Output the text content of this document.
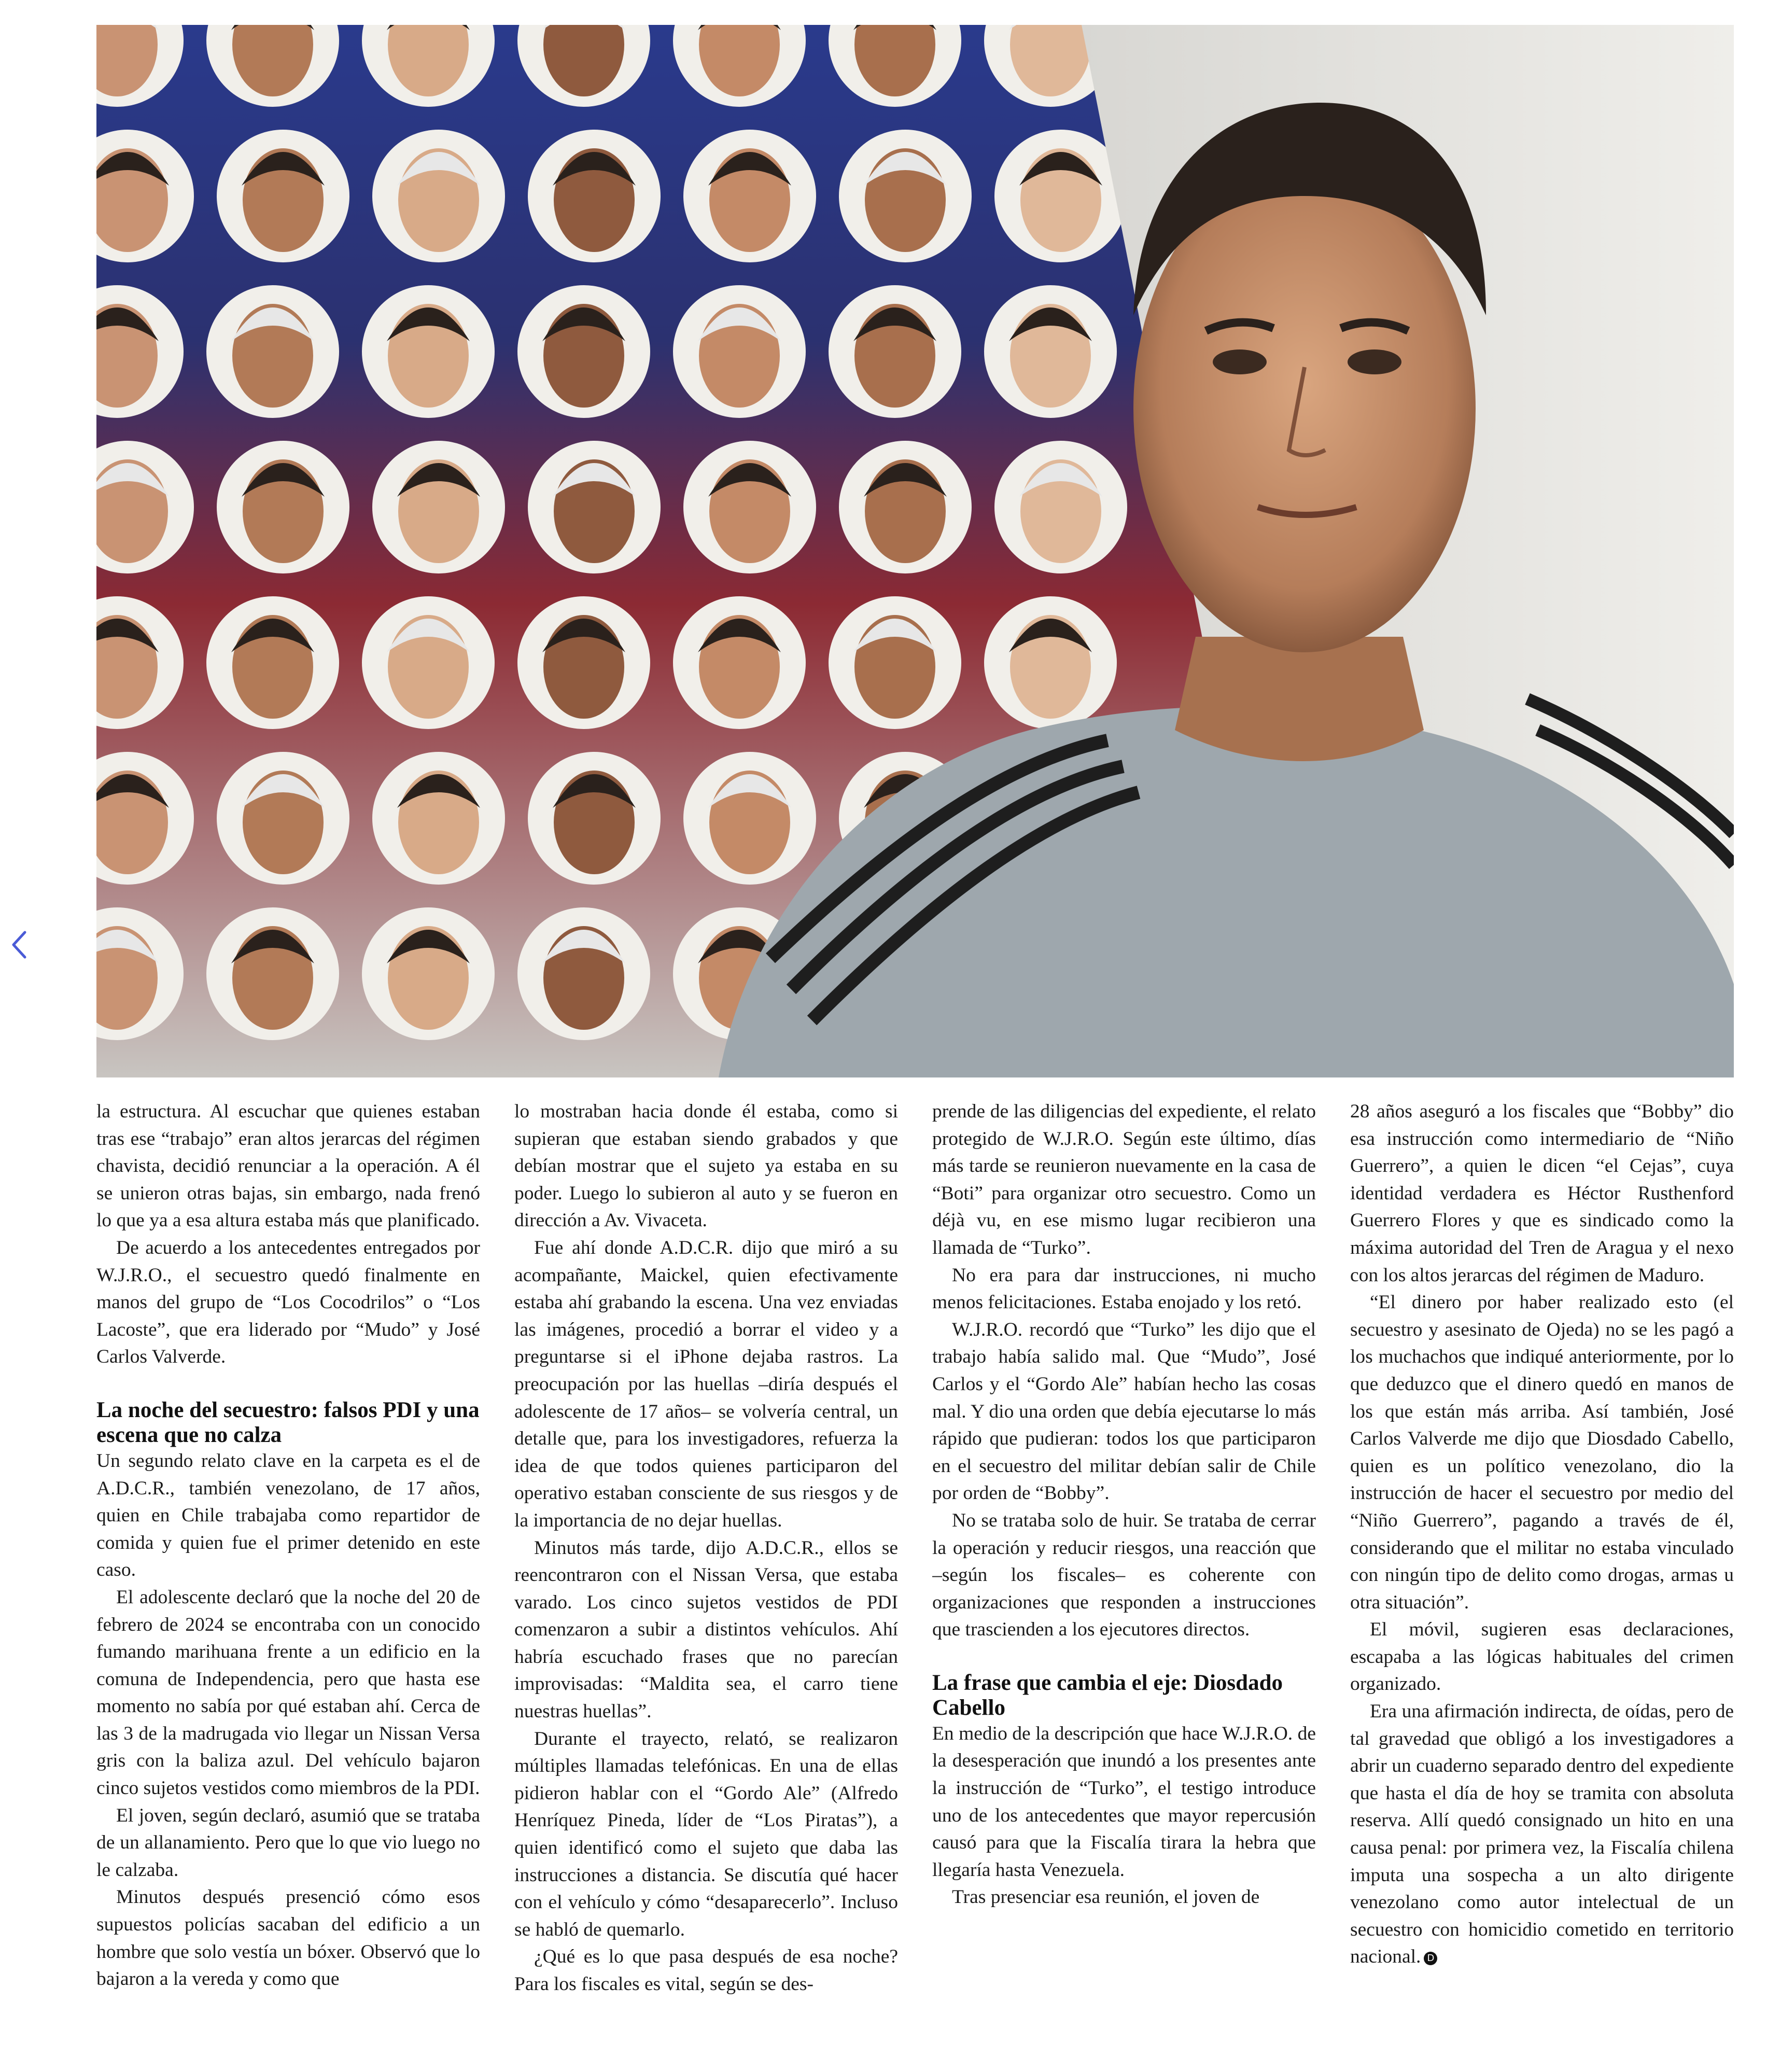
la estructura. Al escuchar que quienes estaban tras ese “trabajo” eran altos jerarcas del régimen chavista, decidió renunciar a la operación. A él se unieron otras bajas, sin embargo, nada frenó lo que ya a esa altura estaba más que planificado.

De acuerdo a los antecedentes entregados por W.J.R.O., el secuestro quedó finalmente en manos del grupo de “Los Cocodrilos” o “Los Lacoste”, que era liderado por “Mudo” y José Carlos Valverde.

La noche del secuestro: falsos PDI y una escena que no calza

Un segundo relato clave en la carpeta es el de A.D.C.R., también venezolano, de 17 años, quien en Chile trabajaba como repartidor de comida y quien fue el primer detenido en este caso.

El adolescente declaró que la noche del 20 de febrero de 2024 se encontraba con un conocido fumando marihuana frente a un edificio en la comuna de Independencia, pero que hasta ese momento no sabía por qué estaban ahí. Cerca de las 3 de la madrugada vio llegar un Nissan Versa gris con la baliza azul. Del vehículo bajaron cinco sujetos vestidos como miembros de la PDI.

El joven, según declaró, asumió que se trataba de un allanamiento. Pero que lo que vio luego no le calzaba.

Minutos después presenció cómo esos supuestos policías sacaban del edificio a un hombre que solo vestía un bóxer. Observó que lo bajaron a la vereda y como que

lo mostraban hacia donde él estaba, como si supieran que estaban siendo grabados y que debían mostrar que el sujeto ya estaba en su poder. Luego lo subieron al auto y se fueron en dirección a Av. Vivaceta.

Fue ahí donde A.D.C.R. dijo que miró a su acompañante, Maickel, quien efectivamente estaba ahí grabando la escena. Una vez enviadas las imágenes, procedió a borrar el video y a preguntarse si el iPhone dejaba rastros. La preocupación por las huellas –diría después el adolescente de 17 años– se volvería central, un detalle que, para los investigadores, refuerza la idea de que todos quienes participaron del operativo estaban consciente de sus riesgos y de la importancia de no dejar huellas.

Minutos más tarde, dijo A.D.C.R., ellos se reencontraron con el Nissan Versa, que estaba varado. Los cinco sujetos vestidos de PDI comenzaron a subir a distintos vehículos. Ahí habría escuchado frases que no parecían improvisadas: “Maldita sea, el carro tiene nuestras huellas”.

Durante el trayecto, relató, se realizaron múltiples llamadas telefónicas. En una de ellas pidieron hablar con el “Gordo Ale” (Alfredo Henríquez Pineda, líder de “Los Piratas”), a quien identificó como el sujeto que daba las instrucciones a distancia. Se discutía qué hacer con el vehículo y cómo “desaparecerlo”. Incluso se habló de quemarlo.

¿Qué es lo que pasa después de esa noche? Para los fiscales es vital, según se des-

prende de las diligencias del expediente, el relato protegido de W.J.R.O. Según este último, días más tarde se reunieron nuevamente en la casa de “Boti” para organizar otro secuestro. Como un déjà vu, en ese mismo lugar recibieron una llamada de “Turko”.

No era para dar instrucciones, ni mucho menos felicitaciones. Estaba enojado y los retó.

W.J.R.O. recordó que “Turko” les dijo que el trabajo había salido mal. Que “Mudo”, José Carlos y el “Gordo Ale” habían hecho las cosas mal. Y dio una orden que debía ejecutarse lo más rápido que pudieran: todos los que participaron en el secuestro del militar debían salir de Chile por orden de “Bobby”.

No se trataba solo de huir. Se trataba de cerrar la operación y reducir riesgos, una reacción que –según los fiscales– es coherente con organizaciones que responden a instrucciones que trascienden a los ejecutores directos.

La frase que cambia el eje: Diosdado Cabello

En medio de la descripción que hace W.J.R.O. de la desesperación que inundó a los presentes ante la instrucción de “Turko”, el testigo introduce uno de los antecedentes que mayor repercusión causó para que la Fiscalía tirara la hebra que llegaría hasta Venezuela.

Tras presenciar esa reunión, el joven de

28 años aseguró a los fiscales que “Bobby” dio esa instrucción como intermediario de “Niño Guerrero”, a quien le dicen “el Cejas”, cuya identidad verdadera es Héctor Rusthenford Guerrero Flores y que es sindicado como la máxima autoridad del Tren de Aragua y el nexo con los altos jerarcas del régimen de Maduro.

“El dinero por haber realizado esto (el secuestro y asesinato de Ojeda) no se les pagó a los muchachos que indiqué anteriormente, por lo que deduzco que el dinero quedó en manos de los que están más arriba. Así también, José Carlos Valverde me dijo que Diosdado Cabello, quien es un político venezolano, dio la instrucción de hacer el secuestro por medio del “Niño Guerrero”, pagando a través de él, considerando que el militar no estaba vinculado con ningún tipo de delito como drogas, armas u otra situación”.

El móvil, sugieren esas declaraciones, escapaba a las lógicas habituales del crimen organizado.

Era una afirmación indirecta, de oídas, pero de tal gravedad que obligó a los investigadores a abrir un cuaderno separado dentro del expediente que hasta el día de hoy se tramita con absoluta reserva. Allí quedó consignado un hito en una causa penal: por primera vez, la Fiscalía chilena imputa una sospecha a un alto dirigente venezolano como autor intelectual de un secuestro con homicidio cometido en territorio nacional. D
